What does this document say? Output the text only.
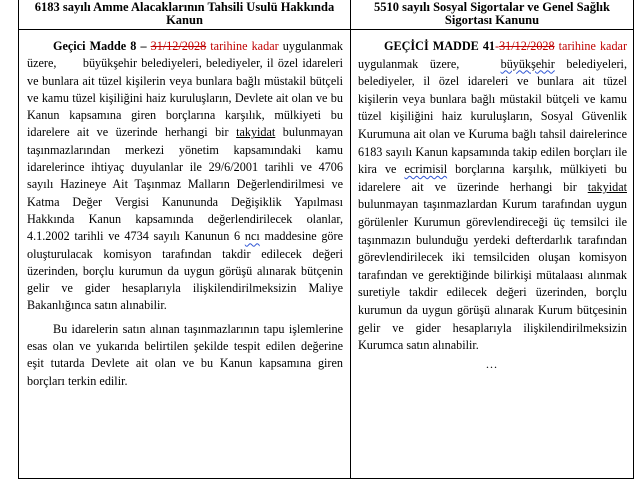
6183 sayılı Amme Alacaklarının Tahsili Usulü Hakkında Kanun

Geçici Madde 8 – 31/12/2028 tarihine kadar uygulanmak üzere,  büyükşehir belediyeleri, belediyeler, il özel idareleri ve bunlara ait tüzel kişilerin veya bunlara bağlı müstakil bütçeli ve kamu tüzel kişiliğini haiz kuruluşların, Devlete ait olan ve bu Kanun kapsamına giren borçlarına karşılık, mülkiyeti bu idarelere ait ve üzerinde herhangi bir takyidat bulunmayan taşınmazlarından merkezi yönetim kapsamındaki kamu idarelerince ihtiyaç duyulanlar ile 29/6/2001 tarihli ve 4706 sayılı Hazineye Ait Taşınmaz Malların Değerlendirilmesi ve Katma Değer Vergisi Kanununda Değişiklik Yapılması Hakkında Kanun kapsamında değerlendirilecek olanlar, 4.1.2002 tarihli ve 4734 sayılı Kanunun 6 ncı maddesine göre oluşturulacak komisyon tarafından takdir edilecek değeri üzerinden, borçlu kurumun da uygun görüşü alınarak bütçenin gelir ve gider hesaplarıyla ilişkilendirilmeksizin Maliye Bakanlığınca satın alınabilir.

Bu idarelerin satın alınan taşınmazlarının tapu işlemlerine esas olan ve yukarıda belirtilen şekilde tespit edilen değerine eşit tutarda Devlete ait olan ve bu Kanun kapsamına giren borçları terkin edilir.

5510 sayılı Sosyal Sigortalar ve Genel Sağlık Sigortası Kanunu

GEÇİCİ MADDE 41-31/12/2028 tarihine kadar uygulanmak üzere,  büyükşehir belediyeleri, belediyeler, il özel idareleri ve bunlara ait tüzel kişilerin veya bunlara bağlı müstakil bütçeli ve kamu tüzel kişiliğini haiz kuruluşların, Sosyal Güvenlik Kurumuna ait olan ve Kuruma bağlı tahsil dairelerince 6183 sayılı Kanun kapsamında takip edilen borçları ile kira ve ecrimisil borçlarına karşılık, mülkiyeti bu idarelere ait ve üzerinde herhangi bir takyidat bulunmayan taşınmazlardan Kurum tarafından uygun görülenler Kurumun görevlendireceği üç temsilci ile taşınmazın bulunduğu yerdeki defterdarlık tarafından görevlendirilecek iki temsilciden oluşan komisyon tarafından ve gerektiğinde bilirkişi mütalaası alınmak suretiyle takdir edilecek değeri üzerinden, borçlu kurumun da uygun görüşü alınarak Kurum bütçesinin gelir ve gider hesaplarıyla ilişkilendirilmeksizin Kurumca satın alınabilir.

…
